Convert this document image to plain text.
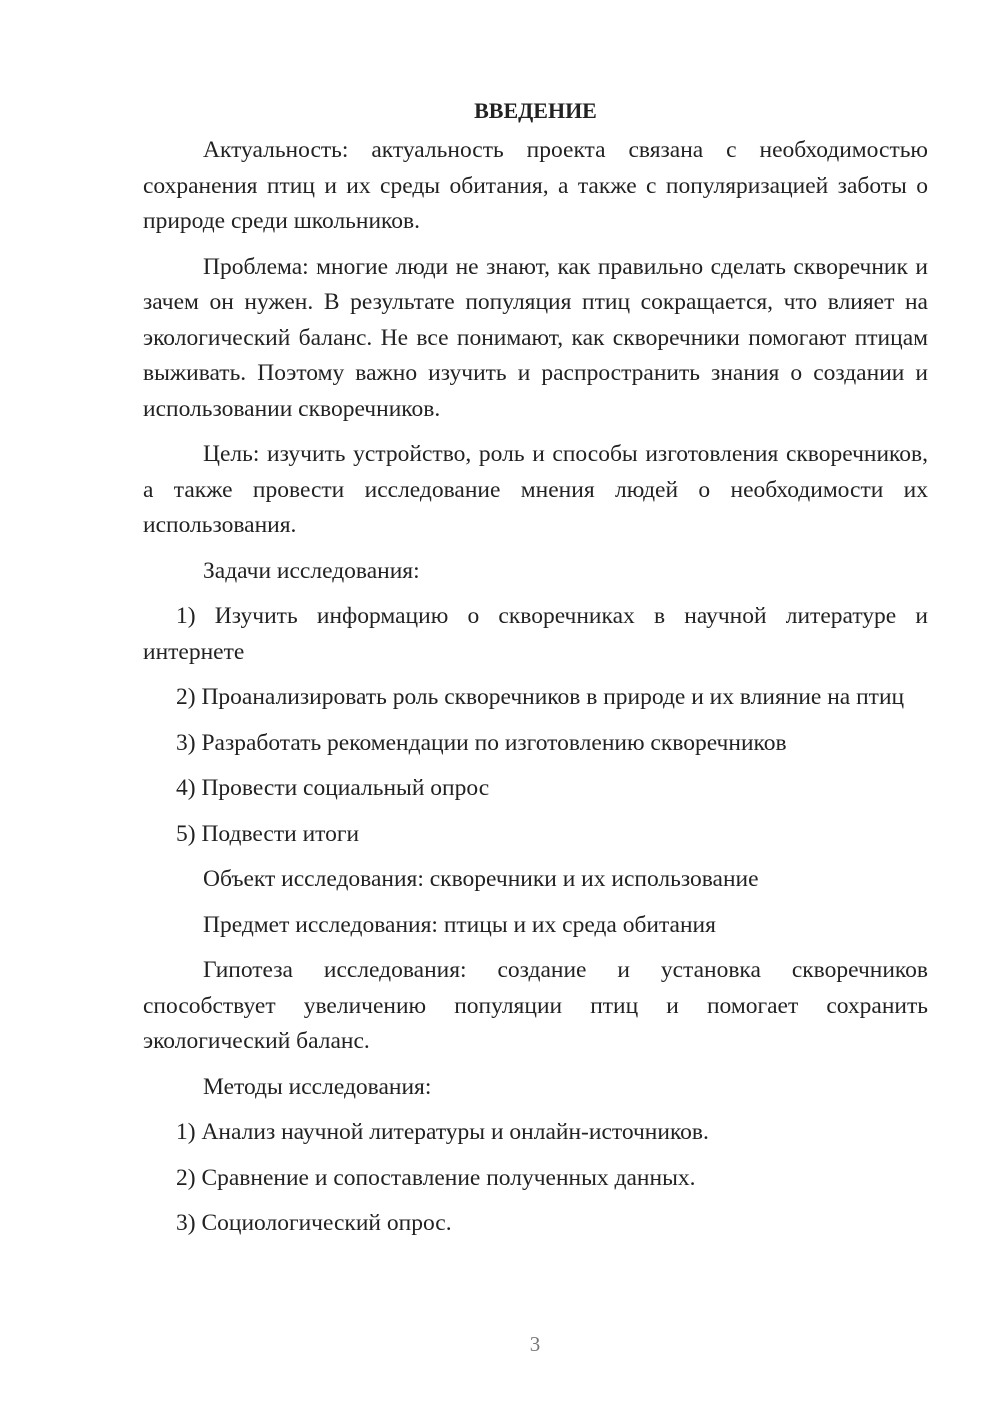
ВВЕДЕНИЕ

Актуальность: актуальность проекта связана с необходимостью сохранения птиц и их среды обитания, а также с популяризацией заботы о природе среди школьников.

Проблема: многие люди не знают, как правильно сделать скворечник и зачем он нужен. В результате популяция птиц сокращается, что влияет на экологический баланс. Не все понимают, как скворечники помогают птицам выживать. Поэтому важно изучить и распространить знания о создании и использовании скворечников.

Цель: изучить устройство, роль и способы изготовления скворечников, а также провести исследование мнения людей о необходимости их использования.

Задачи исследования:

1) Изучить информацию о скворечниках в научной литературе и интернете

2) Проанализировать роль скворечников в природе и их влияние на птиц

3) Разработать рекомендации по изготовлению скворечников

4) Провести социальный опрос

5) Подвести итоги

Объект исследования: скворечники и их использование

Предмет исследования: птицы и их среда обитания

Гипотеза исследования: создание и установка скворечников способствует увеличению популяции птиц и помогает сохранить экологический баланс.

Методы исследования:

1) Анализ научной литературы и онлайн-источников.

2) Сравнение и сопоставление полученных данных.

3) Социологический опрос.

3
